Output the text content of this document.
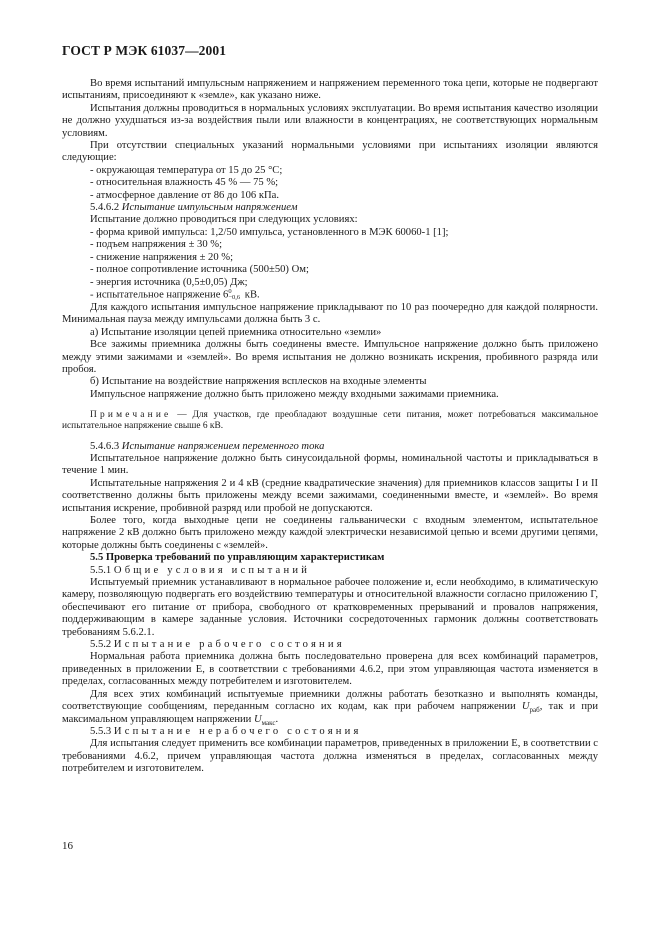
ГОСТ Р МЭК 61037—2001

Во время испытаний импульсным напряжением и напряжением переменного тока цепи, которые не подвергают испытаниям, присоединяют к «земле», как указано ниже.

Испытания должны проводиться в нормальных условиях эксплуатации. Во время испытания качество изоляции не должно ухудшаться из-за воздействия пыли или влажности в концентрациях, не соответствующих нормальным условиям.

При отсутствии специальных указаний нормальными условиями при испытаниях изоляции являются следующие:

- окружающая температура от 15 до 25 °С;

- относительная влажность 45 % — 75 %;

- атмосферное давление от 86 до 106 кПа.

5.4.6.2 Испытание импульсным напряжением

Испытание должно проводиться при следующих условиях:

- форма кривой импульса: 1,2/50 импульса, установленного в МЭК 60060-1 [1];

- подъем напряжения ± 30 %;

- снижение напряжения ± 20 %;

- полное сопротивление источника (500±50) Ом;

- энергия источника (0,5±0,05) Дж;

- испытательное напряжение 6 0
−0,6 кВ.

Для каждого испытания импульсное напряжение прикладывают по 10 раз поочередно для каждой полярности. Минимальная пауза между импульсами должна быть 3 с.

а) Испытание изоляции цепей приемника относительно «земли»

Все зажимы приемника должны быть соединены вместе. Импульсное напряжение должно быть приложено между этими зажимами и «землей». Во время испытания не должно возникать искрения, пробивного разряда или пробоя.

б) Испытание на воздействие напряжения всплесков на входные элементы

Импульсное напряжение должно быть приложено между входными зажимами приемника.

Примечание — Для участков, где преобладают воздушные сети питания, может потребоваться максимальное испытательное напряжение свыше 6 кВ.

5.4.6.3 Испытание напряжением переменного тока

Испытательное напряжение должно быть синусоидальной формы, номинальной частоты и прикладываться в течение 1 мин.

Испытательные напряжения 2 и 4 кВ (средние квадратические значения) для приемников классов защиты I и II соответственно должны быть приложены между всеми зажимами, соединенными вместе, и «землей». Во время испытания искрение, пробивной разряд или пробой не допускаются.

Более того, когда выходные цепи не соединены гальванически с входным элементом, испытательное напряжение 2 кВ должно быть приложено между каждой электрически независимой цепью и всеми другими цепями, которые должны быть соединены с «землей».

5.5 Проверка требований по управляющим характеристикам

5.5.1 Общие условия испытаний

Испытуемый приемник устанавливают в нормальное рабочее положение и, если необходимо, в климатическую камеру, позволяющую подвергать его воздействию температуры и относительной влажности согласно приложению Г, обеспечивают его питание от прибора, свободного от кратковременных прерываний и провалов напряжения, поддерживающим в камере заданные условия. Источники сосредоточенных гармоник должны соответствовать требованиям 5.6.2.1.

5.5.2 Испытание рабочего состояния

Нормальная работа приемника должна быть последовательно проверена для всех комбинаций параметров, приведенных в приложении Е, в соответствии с требованиями 4.6.2, при этом управляющая частота изменяется в пределах, согласованных между потребителем и изготовителем.

Для всех этих комбинаций испытуемые приемники должны работать безотказно и выполнять команды, соответствующие сообщениям, переданным согласно их кодам, как при рабочем напряжении $U_{раб}$, так и при максимальном управляющем напряжении $U_{макс}$.

5.5.3 Испытание нерабочего состояния

Для испытания следует применить все комбинации параметров, приведенных в приложении Е, в соответствии с требованиями 4.6.2, причем управляющая частота должна изменяться в пределах, согласованных между потребителем и изготовителем.

16
